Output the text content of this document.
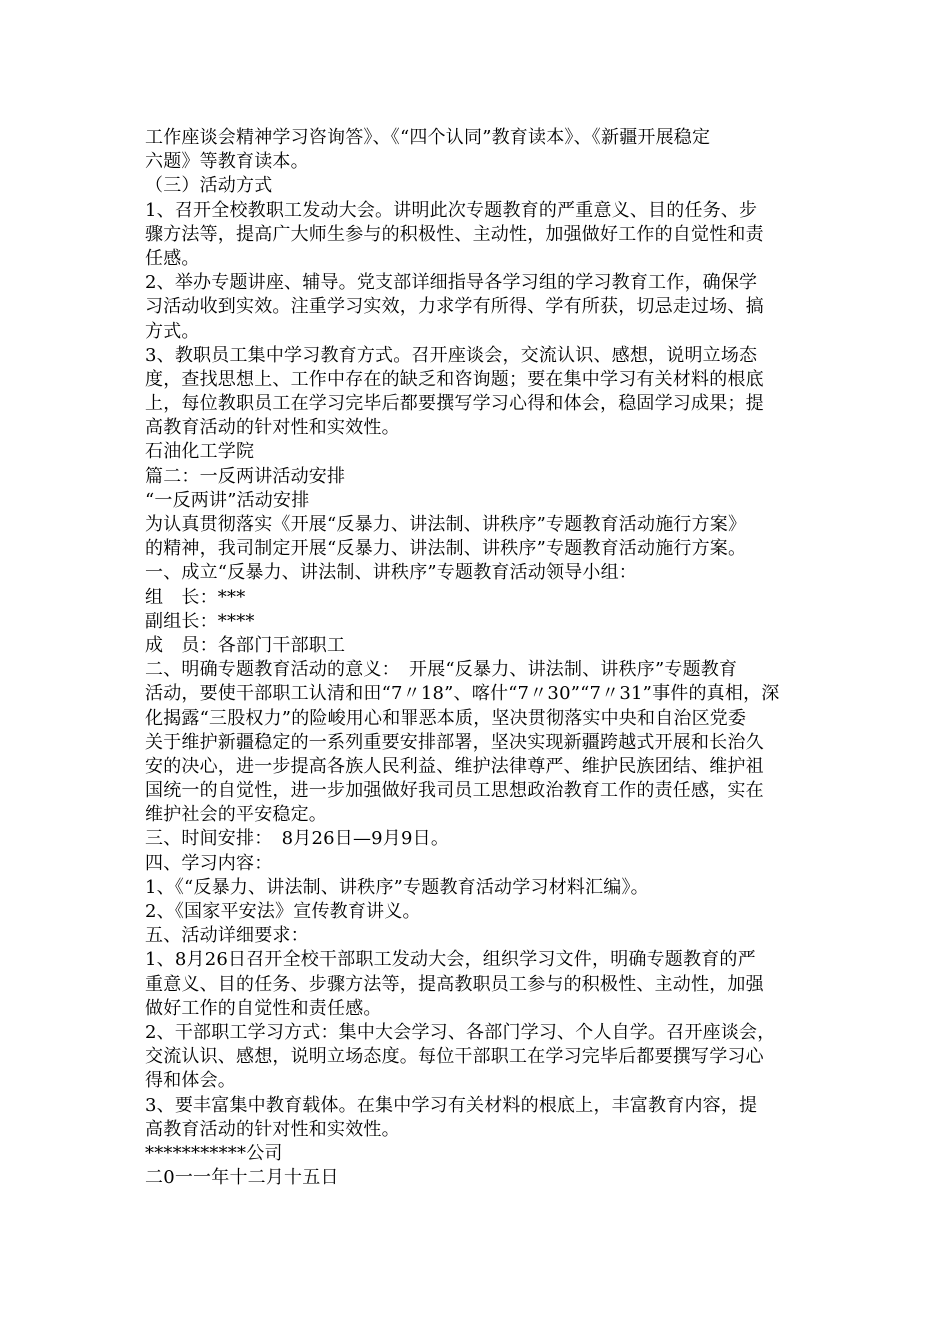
工作座谈会精神学习咨询答》、《“四个认同”教育读本》、《新疆开展稳定
六题》等教育读本。
（三）活动方式
1、召开全校教职工发动大会。讲明此次专题教育的严重意义、目的任务、步
骤方法等，提高广大师生参与的积极性、主动性，加强做好工作的自觉性和责
任感。
2、举办专题讲座、辅导。党支部详细指导各学习组的学习教育工作，确保学
习活动收到实效。注重学习实效，力求学有所得、学有所获，切忌走过场、搞
方式。
3、教职员工集中学习教育方式。召开座谈会，交流认识、感想，说明立场态
度，查找思想上、工作中存在的缺乏和咨询题；要在集中学习有关材料的根底
上，每位教职员工在学习完毕后都要撰写学习心得和体会，稳固学习成果；提
高教育活动的针对性和实效性。
石油化工学院
篇二：一反两讲活动安排
“一反两讲”活动安排
为认真贯彻落实《开展“反暴力、讲法制、讲秩序”专题教育活动施行方案》
的精神，我司制定开展“反暴力、讲法制、讲秩序”专题教育活动施行方案。
一、成立“反暴力、讲法制、讲秩序”专题教育活动领导小组：
组　长：***
副组长：****
成　员：各部门干部职工
二、明确专题教育活动的意义：　开展“反暴力、讲法制、讲秩序”专题教育
活动，要使干部职工认清和田“7〃18”、喀什“7〃30”“7〃31”事件的真相，深
化揭露“三股权力”的险峻用心和罪恶本质，坚决贯彻落实中央和自治区党委
关于维护新疆稳定的一系列重要安排部署，坚决实现新疆跨越式开展和长治久
安的决心，进一步提高各族人民利益、维护法律尊严、维护民族团结、维护祖
国统一的自觉性，进一步加强做好我司员工思想政治教育工作的责任感，实在
维护社会的平安稳定。
三、时间安排：　8月26日—9月9日。
四、学习内容：
1、《“反暴力、讲法制、讲秩序”专题教育活动学习材料汇编》。
2、《国家平安法》宣传教育讲义。
五、活动详细要求：
1、8月26日召开全校干部职工发动大会，组织学习文件，明确专题教育的严
重意义、目的任务、步骤方法等，提高教职员工参与的积极性、主动性，加强
做好工作的自觉性和责任感。
2、干部职工学习方式：集中大会学习、各部门学习、个人自学。召开座谈会，
交流认识、感想，说明立场态度。每位干部职工在学习完毕后都要撰写学习心
得和体会。
3、要丰富集中教育载体。在集中学习有关材料的根底上，丰富教育内容，提
高教育活动的针对性和实效性。
***********公司
二0一一年十二月十五日
